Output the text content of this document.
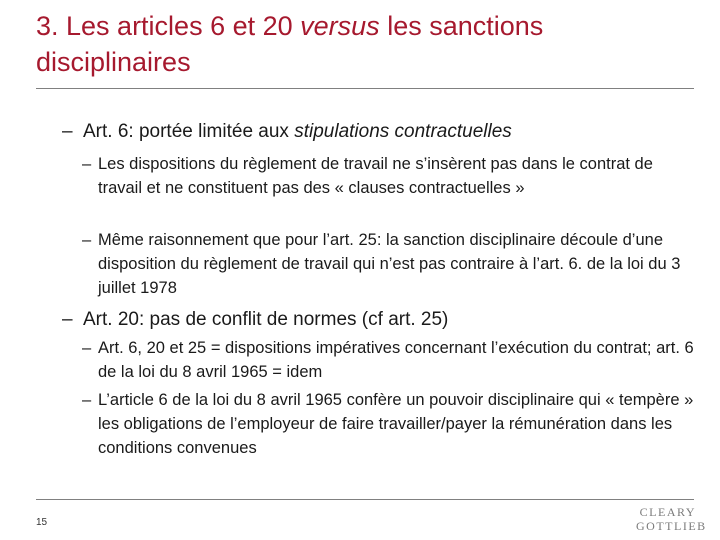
3. Les articles 6 et 20 versus les sanctions
disciplinaires
– Art. 6: portée limitée aux stipulations contractuelles
– Les dispositions du règlement de travail ne s’insèrent pas dans le contrat de travail et ne constituent pas des « clauses contractuelles »
– Même raisonnement que pour l’art. 25: la sanction disciplinaire découle d’une disposition du règlement de travail qui n’est pas contraire à l’art. 6. de la loi du 3 juillet 1978
– Art. 20: pas de conflit de normes (cf art. 25)
– Art. 6, 20 et 25 = dispositions impératives concernant l’exécution du contrat; art. 6 de la loi du 8 avril 1965 = idem
– L’article 6 de la loi du 8 avril 1965 confère un pouvoir disciplinaire qui « tempère » les obligations de l’employeur de faire travailler/payer la rémunération dans les conditions convenues
15
CLEARY
GOTTLIEB
